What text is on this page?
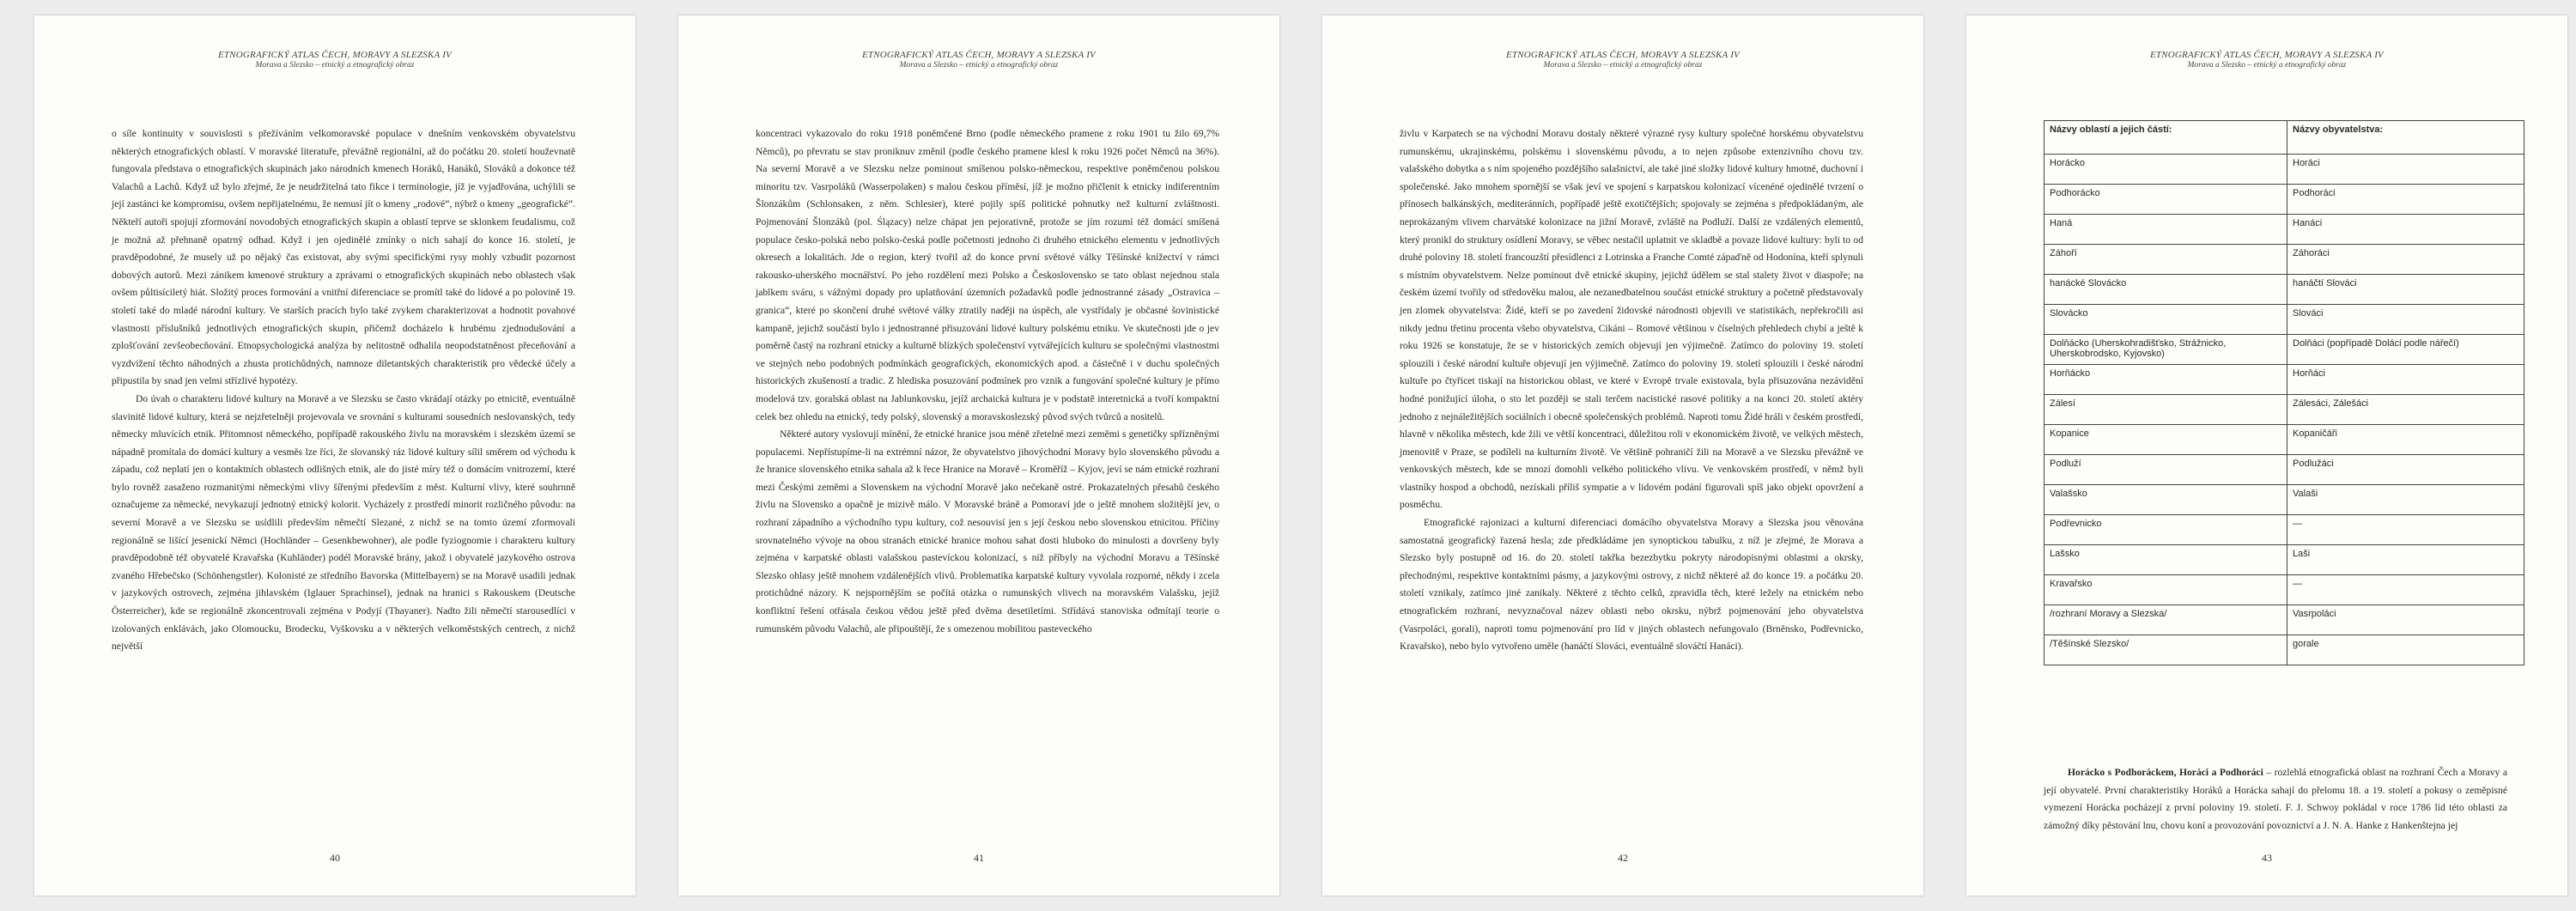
ETNOGRAFICKÝ ATLAS ČECH, MORAVY A SLEZSKA IV
Morava a Slezsko – etnický a etnografický obraz

o síle kontinuity v souvislosti s přežíváním velkomoravské populace v dnešním venkovském obyvatelstvu některých etnografických oblastí. V moravské literatuře, převážně regionální, až do počátku 20. století houževnatě fungovala představa o etnografických skupinách jako národních kmenech Horáků, Hanáků, Slováků a dokonce též Valachů a Lachů. Když už bylo zřejmé, že je neudržitelná tato fikce i terminologie, jíž je vyjadřována, uchýlili se její zastánci ke kompromisu, ovšem nepřijatelnému, že nemusí jít o kmeny „rodové“, nýbrž o kmeny „geografické“. Někteří autoři spojují zformování novodobých etnografických skupin a oblastí teprve se sklonkem feudalismu, což je možná až přehnaně opatrný odhad. Když i jen ojedinělé zmínky o nich sahají do konce 16. století, je pravděpodobné, že musely už po nějaký čas existovat, aby svými specifickými rysy mohly vzbudit pozornost dobových autorů. Mezi zánikem kmenové struktury a zprávami o etnografických skupinách nebo oblastech však ovšem půltisíciletý hiát. Složitý proces formování a vnitřní diferenciace se promítl také do lidové a po polovině 19. století také do mladé národní kultury. Ve starších pracích bylo také zvykem charakterizovat a hodnotit povahové vlastnosti příslušníků jednotlivých etnografických skupin, přičemž docházelo k hrubému zjednodušování a zplošťování zevšeobecňování. Etnopsychologická analýza by nelitostně odhalila neopodstatněnost přeceňování a vyzdvižení těchto náhodných a zhusta protichůdných, namnoze diletantských charakteristik pro vědecké účely a připustila by snad jen velmi střízlivé hypotézy.

Do úvah o charakteru lidové kultury na Moravě a ve Slezsku se často vkrádají otázky po etnicitě, eventuálně slavinitě lidové kultury, která se nejzřetelněji projevovala ve srovnání s kulturami sousedních neslovanských, tedy německy mluvících etnik. Přitomnost německého, popřípadě rakouského živlu na moravském i slezském území se nápadně promítala do domácí kultury a vesměs lze říci, že slovanský ráz lidové kultury sílil směrem od východu k západu, což neplatí jen o kontaktních oblastech odlišných etnik, ale do jisté míry též o domácím vnitrozemí, které bylo rovněž zasaženo rozmanitými německými vlivy šířenými především z měst. Kulturní vlivy, které souhrnně označujeme za německé, nevykazují jednotný etnický kolorit. Vycházely z prostředí minorit rozličného původu: na severní Moravě a ve Slezsku se usídlili především němečtí Slezané, z nichž se na tomto území zformovali regionálně se lišící jesenickí Němci (Hochländer – Gesenkbewohner), ale podle fyziognomie i charakteru kultury pravděpodobně též obyvatelé Kravařska (Kuhländer) podél Moravské brány, jakož i obyvatelé jazykového ostrova zvaného Hřebečsko (Schönhengstler). Kolonisté ze středního Bavorska (Mittelbayern) se na Moravě usadili jednak v jazykových ostrovech, zejména jihlavském (Iglauer Sprachinsel), jednak na hranici s Rakouskem (Deutsche Österreicher), kde se regionálně zkoncentrovali zejména v Podyjí (Thayaner). Nadto žili němečtí starousedlíci v izolovaných enklávách, jako Olomoucku, Brodecku, Vyškovsku a v některých velkoměstských centrech, z nichž největší

40
ETNOGRAFICKÝ ATLAS ČECH, MORAVY A SLEZSKA IV
Morava a Slezsko – etnický a etnografický obraz

koncentraci vykazovalo do roku 1918 poněmčené Brno (podle německého pramene z roku 1901 tu žilo 69,7% Němců), po převratu se stav proniknuv změnil (podle českého pramene klesl k roku 1926 počet Němců na 36%). Na severní Moravě a ve Slezsku nelze pominout smíšenou polsko-německou, respektive poněmčenou polskou minoritu tzv. Vasrpoláků (Wasserpolaken) s malou českou příměsí, jíž je možno přičlenit k etnicky indiferentním Šlonzákům (Schlonsaken, z něm. Schlesier), které pojily spíš politické pohnutky než kulturní zvláštnosti. Pojmenování Šlonzáků (pol. Ślązacy) nelze chápat jen pejorativně, protože se jím rozumí též domácí smíšená populace česko-polská nebo polsko-česká podle početnosti jednoho či druhého etnického elementu v jednotlivých okresech a lokalitách. Jde o region, který tvořil až do konce první světové války Těšínské knížectví v rámci rakousko-uherského mocnářství. Po jeho rozdělení mezi Polsko a Československo se tato oblast nejednou stala jablkem sváru, s vážnými dopady pro uplatňování územních požadavků podle jednostranné zásady „Ostravica – granica“, které po skončení druhé světové války ztratily naději na úspěch, ale vystřídaly je občasné šovinistické kampaně, jejichž součástí bylo i jednostranné přisuzování lidové kultury polskému etniku. Ve skutečnosti jde o jev poměrně častý na rozhraní etnicky a kulturně blízkých společenství vytvářejících kulturu se společnými vlastnostmi ve stejných nebo podobných podmínkách geografických, ekonomických apod. a částečně i v duchu společných historických zkušeností a tradic. Z hlediska posuzování podmínek pro vznik a fungování společné kultury je přímo modelová tzv. goralská oblast na Jablunkovsku, jejíž archaická kultura je v podstatě interetnická a tvoří kompaktní celek bez ohledu na etnický, tedy polský, slovenský a moravskoslezský původ svých tvůrců a nositelů.

Některé autory vyslovují mínění, že etnické hranice jsou méně zřetelné mezi zeměmi s genetičky spřízněnými populacemi. Nepřístupíme-li na extrémní názor, že obyvatelstvo jihovýchodní Moravy bylo slovenského původu a že hranice slovenského etnika sahala až k řece Hranice na Moravě – Kroměříž – Kyjov, jeví se nám etnické rozhraní mezi Českými zeměmi a Slovenskem na východní Moravě jako nečekaně ostré. Prokazatelných přesahů českého živlu na Slovensko a opačně je mizivě málo. V Moravské bráně a Pomoraví jde o ještě mnohem složitější jev, o rozhraní západního a východního typu kultury, což nesouvisí jen s její českou nebo slovenskou etnicitou. Příčiny srovnatelného vývoje na obou stranách etnické hranice mohou sahat dosti hluboko do minulosti a dovršeny byly zejména v karpatské oblasti valašskou pastevíckou kolonizací, s níž příbyly na východní Moravu a Těšínské Slezsko ohlasy ještě mnohem vzdálenějších vlivů. Problematika karpatské kultury vyvolala rozporné, někdy i zcela protichůdné názory. K nejspornějším se počítá otázka o rumunských vlivech na moravském Valašsku, jejíž konfliktní řešení otřásala českou vědou ještě před dvěma desetiletími. Střídává stanoviska odmítají teorie o rumunském původu Valachů, ale připouštějí, že s omezenou mobilitou pasteveckého

41
ETNOGRAFICKÝ ATLAS ČECH, MORAVY A SLEZSKA IV
Morava a Slezsko – etnický a etnografický obraz

živlu v Karpatech se na východní Moravu dostaly některé výrazné rysy kultury společné horskému obyvatelstvu rumunskému, ukrajinskému, polskému i slovenskému původu, a to nejen způsobe extenzivního chovu tzv. valašského dobytka a s ním spojeného pozdějšího salašnictví, ale také jiné složky lidové kultury hmotné, duchovní i společenské. Jako mnohem spornější se však jeví ve spojení s karpatskou kolonizací vícenéné ojedinělé tvrzení o přínosech balkánských, mediteránních, popřípadě ještě exotičtějších; spojovaly se zejména s předpokládaným, ale neprokázaným vlivem charvátské kolonizace na jižní Moravě, zvláště na Podluží. Další ze vzdálených elementů, který pronikl do struktury osídlení Moravy, se věbec nestačil uplatnit ve skladbě a povaze lidové kultury: byli to od druhé poloviny 18. století francouzští přesídlenci z Lotrinska a Franche Comté zápaďně od Hodonína, kteří splynuli s místním obyvatelstvem. Nelze pominout dvě etnické skupiny, jejichž údělem se stal stalety život v diaspoře; na českém území tvořily od středověku malou, ale nezanedbatelnou součást etnické struktury a početně představovaly jen zlomek obyvatelstva: Židé, kteří se po zavedení židovské národnosti objevili ve statistikách, nepřekročili asi nikdy jednu třetinu procenta všeho obyvatelstva, Cikáni – Romové většinou v číselných přehledech chybí a ještě k roku 1926 se konstatuje, že se v historických zemích objevují jen výjimečně. Zatímco do poloviny 19. století splouzili i české národní kultuře objevují jen výjimečně. Zatímco do poloviny 19. století splouzili i české národní kultuře po čtyřicet tiskají na historickou oblast, ve které v Evropě trvale existovala, byla přisuzována nezávidění hodné ponižující úloha, o sto let později se stali terčem nacistické rasové politiky a na konci 20. století aktéry jednoho z nejnáležitějších sociálních i obecně společenských problémů. Naproti tomu Židé hráli v českém prostředí, hlavně v několika městech, kde žili ve větší koncentraci, důležitou roli v ekonomickém životě, ve velkých městech, jmenovitě v Praze, se podíleli na kulturním životě. Ve většině pohraničí žili na Moravě a ve Slezsku převážně ve venkovských městech, kde se mnozí domohli velkého politického vlivu. Ve venkovském prostředí, v němž byli vlastníky hospod a obchodů, nezískali příliš sympatie a v lidovém podání figurovali spíš jako objekt opovržení a posměchu.

Etnografické rajonizaci a kulturní diferenciaci domácího obyvatelstva Moravy a Slezska jsou věnována samostatná geografický řazená hesla; zde předkládáme jen synoptickou tabulku, z níž je zřejmé, že Morava a Slezsko byly postupně od 16. do 20. století takřka bezezbytku pokryty národopisnými oblastmi a okrsky, přechodnými, respektive kontaktními pásmy, a jazykovými ostrovy, z nichž některé až do konce 19. a počátku 20. století vznikaly, zatímco jiné zanikaly. Některé z těchto celků, zpravidla těch, které ležely na etnickém nebo etnografickém rozhraní, nevyznačoval název oblasti nebo okrsku, nýbrž pojmenování jeho obyvatelstva (Vasrpoláci, gorali), naproti tomu pojmenování pro líd v jiných oblastech nefungovalo (Brněnsko, Podřevnicko, Kravařsko), nebo bylo vytvořeno uměle (hanáčtí Slováci, eventuálně slováčtí Hanáci).

42
ETNOGRAFICKÝ ATLAS ČECH, MORAVY A SLEZSKA IV
Morava a Slezsko – etnický a etnografický obraz
Názvy oblastí a jejich částí:	Názvy obyvatelstva:
Horácko	Horáci
Podhorácko	Podhoráci
Haná	Hanáci
Záhoří	Záhoráci
hanácké Slovácko	hanáčtí Slováci
Slovácko	Slováci
Dolňácko (Uherskohradišťsko, Strážnicko, Uherskobrodsko, Kyjovsko)	Dolňáci (popřípadě Doláci podle nářečí)
Horňácko	Horňáci
Zálesí	Zálesáci, Zálešáci
Kopanice	Kopaničáři
Podluží	Podlužáci
Valašsko	Valaši
Podřevnicko	—
Lašsko	Laši
Kravařsko	—
/rozhraní Moravy a Slezska/	Vasrpoláci
/Těšínské Slezsko/	gorale

Horácko s Podhoráckem, Horáci a Podhoráci – rozlehlá etnografická oblast na rozhraní Čech a Moravy a její obyvatelé. První charakteristiky Horáků a Horácka sahají do přelomu 18. a 19. století a pokusy o zeměpisné vymezení Horácka pocházejí z první poloviny 19. století. F. J. Schwoy pokládal v roce 1786 líd této oblasti za zámožný díky pěstování lnu, chovu koní a provozování povoznictví a J. N. A. Hanke z Hankenštejna jej

43
